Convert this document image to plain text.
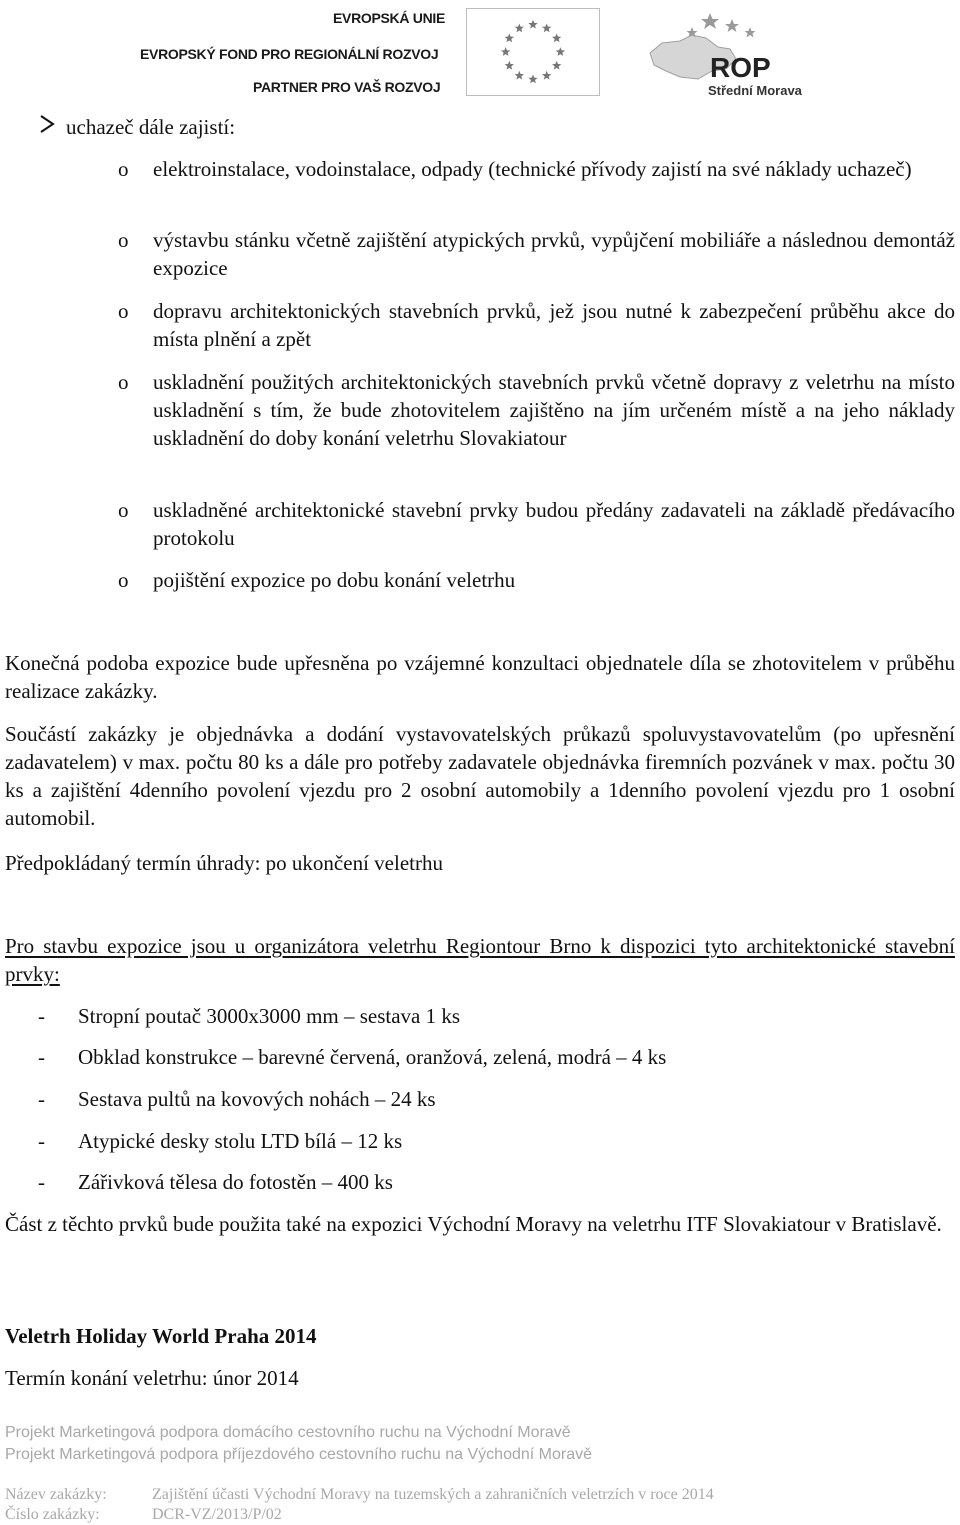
EVROPSKÁ UNIE
EVROPSKÝ FOND PRO REGIONÁLNÍ ROZVOJ
PARTNER PRO VAŠ ROZVOJ
ROP
Střední Morava
uchazeč dále zajistí:
o elektroinstalace, vodoinstalace, odpady (technické přívody zajistí na své náklady uchazeč)
o výstavbu stánku včetně zajištění atypických prvků, vypůjčení mobiliáře a následnou demontáž expozice
o dopravu architektonických stavebních prvků, jež jsou nutné k zabezpečení průběhu akce do místa plnění a zpět
o uskladnění použitých architektonických stavebních prvků včetně dopravy z veletrhu na místo uskladnění s tím, že bude zhotovitelem zajištěno na jím určeném místě a na jeho náklady uskladnění do doby konání veletrhu Slovakiatour
o uskladněné architektonické stavební prvky budou předány zadavateli na základě předávacího protokolu
o pojištění expozice po dobu konání veletrhu
Konečná podoba expozice bude upřesněna po vzájemné konzultaci objednatele díla se zhotovitelem v průběhu realizace zakázky.
Součástí zakázky je objednávka a dodání vystavovatelských průkazů spoluvystavovatelům (po upřesnění zadavatelem) v max. počtu 80 ks a dále pro potřeby zadavatele objednávka firemních pozvánek v max. počtu 30 ks a zajištění 4denního povolení vjezdu pro 2 osobní automobily a 1denního povolení vjezdu pro 1 osobní automobil.
Předpokládaný termín úhrady: po ukončení veletrhu
Pro stavbu expozice jsou u organizátora veletrhu Regiontour Brno k dispozici tyto architektonické stavební prvky:
- Stropní poutač 3000x3000 mm – sestava 1 ks
- Obklad konstrukce – barevné červená, oranžová, zelená, modrá – 4 ks
- Sestava pultů na kovových nohách – 24 ks
- Atypické desky stolu LTD bílá – 12 ks
- Zářivková tělesa do fotostěn – 400 ks
Část z těchto prvků bude použita také na expozici Východní Moravy na veletrhu ITF Slovakiatour v Bratislavě.
Veletrh Holiday World Praha 2014
Termín konání veletrhu: únor 2014
Projekt Marketingová podpora domácího cestovního ruchu na Východní Moravě
Projekt Marketingová podpora příjezdového cestovního ruchu na Východní Moravě
Název zakázky:	Zajištění účasti Východní Moravy na tuzemských a zahraničních veletrzích v roce 2014
Číslo zakázky:	DCR-VZ/2013/P/02
